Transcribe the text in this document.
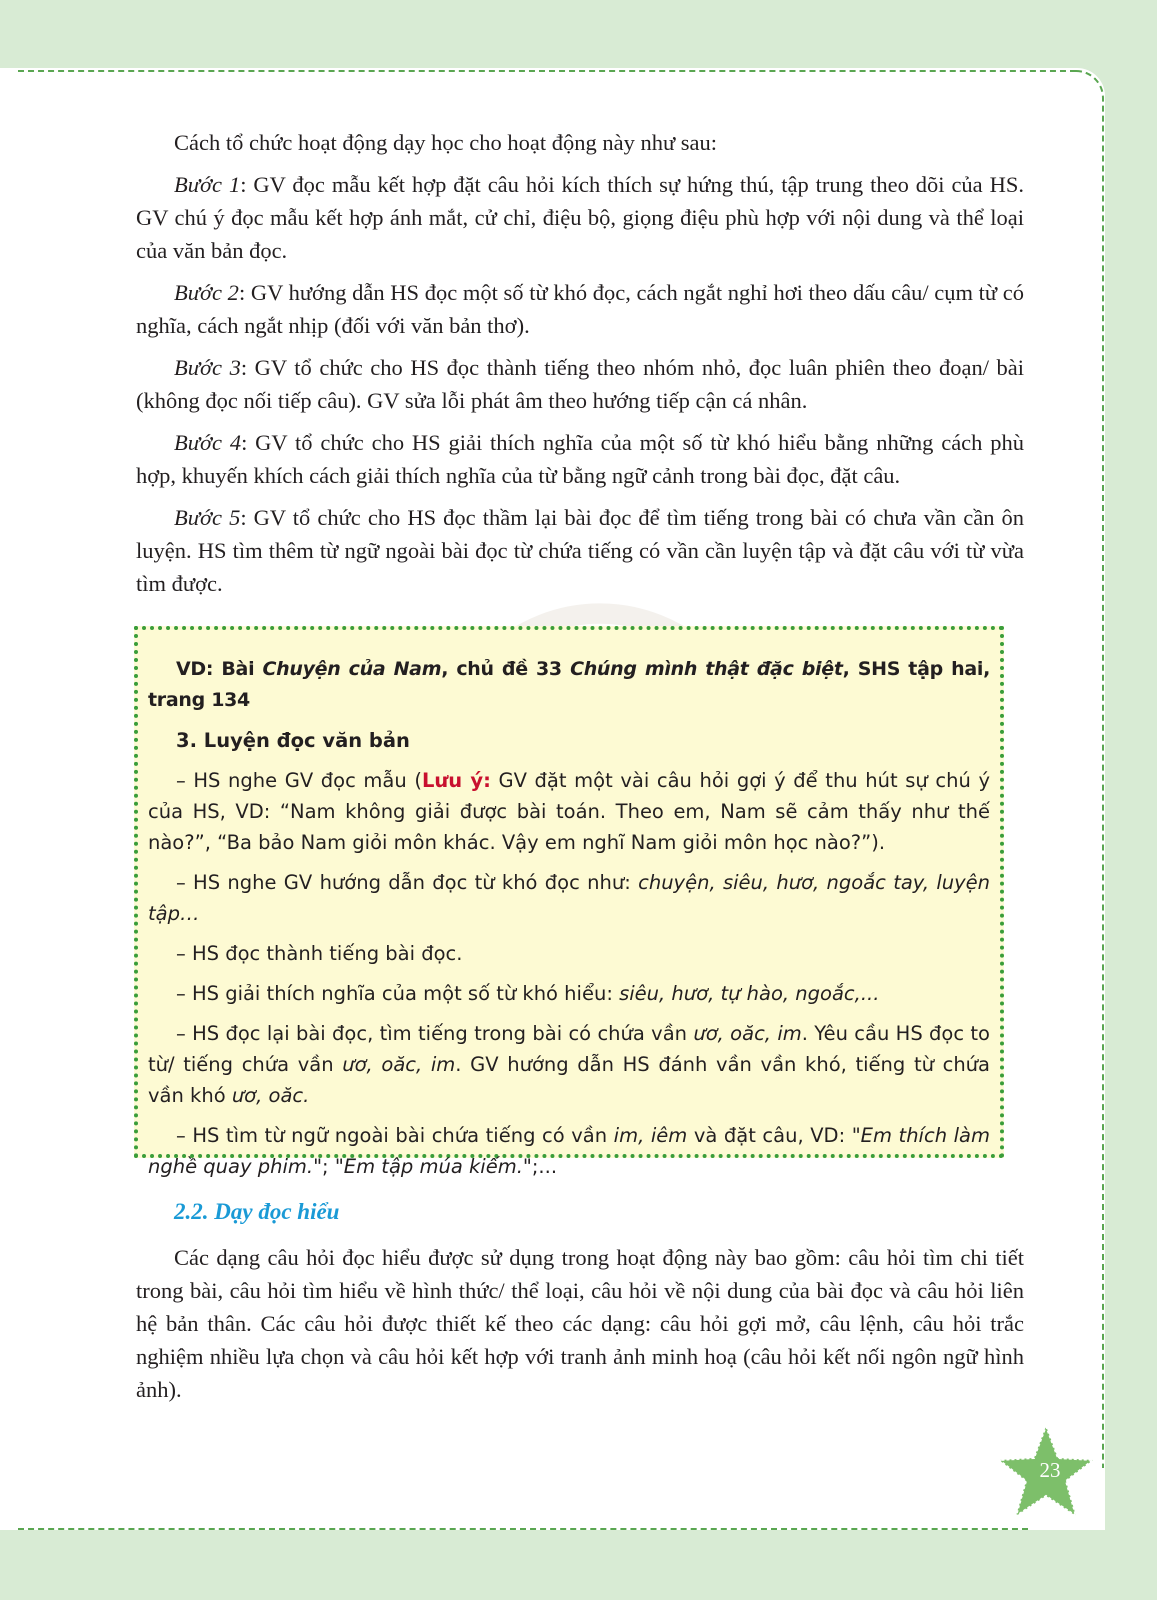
Cách tổ chức hoạt động dạy học cho hoạt động này như sau:

Bước 1: GV đọc mẫu kết hợp đặt câu hỏi kích thích sự hứng thú, tập trung theo dõi của HS. GV chú ý đọc mẫu kết hợp ánh mắt, cử chỉ, điệu bộ, giọng điệu phù hợp với nội dung và thể loại của văn bản đọc.

Bước 2: GV hướng dẫn HS đọc một số từ khó đọc, cách ngắt nghỉ hơi theo dấu câu/ cụm từ có nghĩa, cách ngắt nhịp (đối với văn bản thơ).

Bước 3: GV tổ chức cho HS đọc thành tiếng theo nhóm nhỏ, đọc luân phiên theo đoạn/ bài (không đọc nối tiếp câu). GV sửa lỗi phát âm theo hướng tiếp cận cá nhân.

Bước 4: GV tổ chức cho HS giải thích nghĩa của một số từ khó hiểu bằng những cách phù hợp, khuyến khích cách giải thích nghĩa của từ bằng ngữ cảnh trong bài đọc, đặt câu.

Bước 5: GV tổ chức cho HS đọc thầm lại bài đọc để tìm tiếng trong bài có chưa vần cần ôn luyện. HS tìm thêm từ ngữ ngoài bài đọc từ chứa tiếng có vần cần luyện tập và đặt câu với từ vừa tìm được.

VD: Bài Chuyện của Nam, chủ đề 33 Chúng mình thật đặc biệt, SHS tập hai, trang 134

3. Luyện đọc văn bản

– HS nghe GV đọc mẫu (Lưu ý: GV đặt một vài câu hỏi gợi ý để thu hút sự chú ý của HS, VD: “Nam không giải được bài toán. Theo em, Nam sẽ cảm thấy như thế nào?”, “Ba bảo Nam giỏi môn khác. Vậy em nghĩ Nam giỏi môn học nào?”).

– HS nghe GV hướng dẫn đọc từ khó đọc như: chuyện, siêu, hươ, ngoắc tay, luyện tập…

– HS đọc thành tiếng bài đọc.

– HS giải thích nghĩa của một số từ khó hiểu: siêu, hươ, tự hào, ngoắc,...

– HS đọc lại bài đọc, tìm tiếng trong bài có chứa vần ươ, oăc, im. Yêu cầu HS đọc to từ/ tiếng chứa vần ươ, oăc, im. GV hướng dẫn HS đánh vần vần khó, tiếng từ chứa vần khó ươ, oăc.

– HS tìm từ ngữ ngoài bài chứa tiếng có vần im, iêm và đặt câu, VD: "Em thích làm nghề quay phim."; "Em tập múa kiếm.";...

2.2. Dạy đọc hiểu

Các dạng câu hỏi đọc hiểu được sử dụng trong hoạt động này bao gồm: câu hỏi tìm chi tiết trong bài, câu hỏi tìm hiểu về hình thức/ thể loại, câu hỏi về nội dung của bài đọc và câu hỏi liên hệ bản thân. Các câu hỏi được thiết kế theo các dạng: câu hỏi gợi mở, câu lệnh, câu hỏi trắc nghiệm nhiều lựa chọn và câu hỏi kết hợp với tranh ảnh minh hoạ (câu hỏi kết nối ngôn ngữ hình ảnh).

23
